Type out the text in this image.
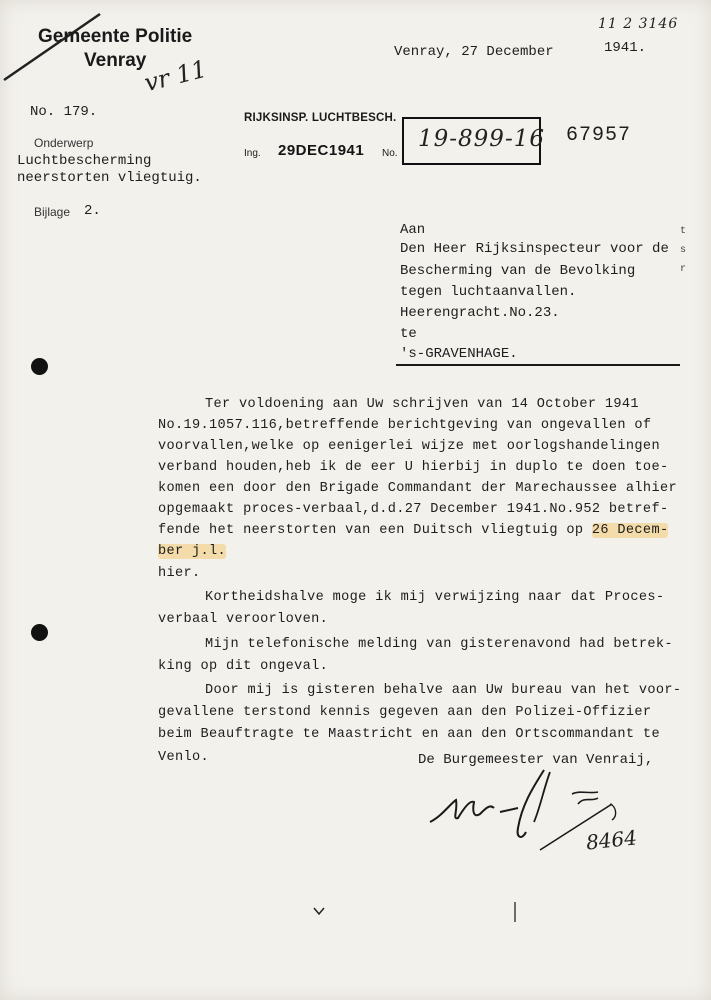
Gemeente Politie
Venray
vr 11
11 2 3146
Venray, 27 December	1941.
No. 179.
Onderwerp
Luchtbescherming
neerstorten vliegtuig.
Bijlage 2.
RIJKSINSP. LUCHTBESCH.
Ing. 29DEC1941 No.
19-899-16 67957
t s r
Aan
Den Heer Rijksinspecteur voor de
Bescherming van de Bevolking
tegen luchtaanvallen.
Heerengracht.No.23.
te
's-GRAVENHAGE.
Ter voldoening aan Uw schrijven van 14 October 1941
No.19.1057.116,betreffende berichtgeving van ongevallen of
voorvallen,welke op eenigerlei wijze met oorlogshandelingen
verband houden,heb ik de eer U hierbij in duplo te doen toe-
komen een door den Brigade Commandant der Marechaussee alhier
opgemaakt proces-verbaal,d.d.27 December 1941.No.952 betref-
fende het neerstorten van een Duitsch vliegtuig op 26 Decem-
ber j.l.
hier.
Kortheidshalve moge ik mij verwijzing naar dat Proces-
verbaal veroorloven.
Mijn telefonische melding van gisterenavond had betrek-
king op dit ongeval.
Door mij is gisteren behalve aan Uw bureau van het voor-
gevallene terstond kennis gegeven aan den Polizei-Offizier
beim Beauftragte te Maastricht en aan den Ortscommandant te
Venlo.	De Burgemeester van Venraij,
8464
